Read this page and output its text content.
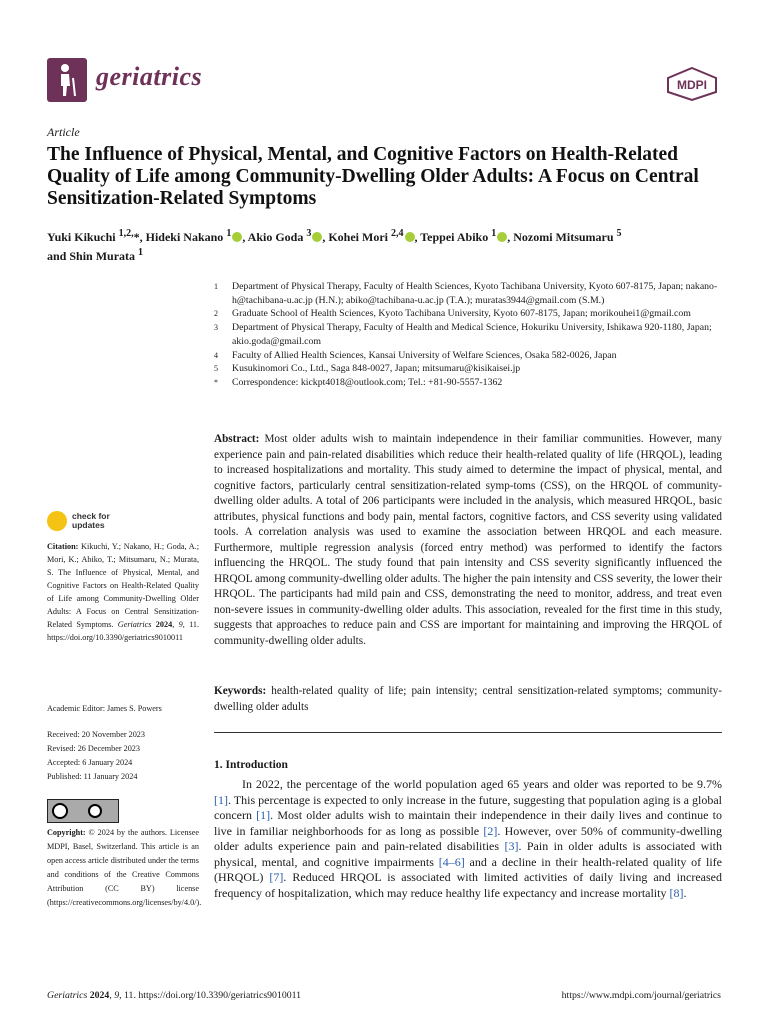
geriatrics	MDPI
Article
The Influence of Physical, Mental, and Cognitive Factors on Health-Related Quality of Life among Community-Dwelling Older Adults: A Focus on Central Sensitization-Related Symptoms
Yuki Kikuchi $^{1,2,}$*, Hideki Nakano $^1$ , Akio Goda $^3$ , Kohei Mori $^{2,4}$ , Teppei Abiko $^1$ , Nozomi Mitsumaru $^5$
and Shin Murata $^1$
1	Department of Physical Therapy, Faculty of Health Sciences, Kyoto Tachibana University, Kyoto 607-8175, Japan; nakano-h@tachibana-u.ac.jp (H.N.); abiko@tachibana-u.ac.jp (T.A.); muratas3944@gmail.com (S.M.)
2	Graduate School of Health Sciences, Kyoto Tachibana University, Kyoto 607-8175, Japan; morikouhei1@gmail.com
3	Department of Physical Therapy, Faculty of Health and Medical Science, Hokuriku University, Ishikawa 920-1180, Japan; akio.goda@gmail.com
4	Faculty of Allied Health Sciences, Kansai University of Welfare Sciences, Osaka 582-0026, Japan
5	Kusukinomori Co., Ltd., Saga 848-0027, Japan; mitsumaru@kisikaisei.jp
*	Correspondence: kickpt4018@outlook.com; Tel.: +81-90-5557-1362
Abstract: Most older adults wish to maintain independence in their familiar communities. However, many experience pain and pain-related disabilities which reduce their health-related quality of life (HRQOL), leading to increased hospitalizations and mortality. This study aimed to determine the impact of physical, mental, and cognitive factors, particularly central sensitization-related symp-toms (CSS), on the HRQOL of community-dwelling older adults. A total of 206 participants were included in the analysis, which measured HRQOL, basic attributes, physical functions and body pain, mental factors, cognitive factors, and CSS severity using validated tools. A correlation analysis was used to examine the association between HRQOL and each measure. Furthermore, multiple regression analysis (forced entry method) was performed to identify the factors influencing the HRQOL. The study found that pain intensity and CSS severity significantly influenced the HRQOL among community-dwelling older adults. The higher the pain intensity and CSS severity, the lower their HRQOL. The participants had mild pain and CSS, demonstrating the need to monitor, address, and treat even non-severe issues in community-dwelling older adults. This association, revealed for the first time in this study, suggests that approaches to reduce pain and CSS are important for maintaining and improving the HRQOL of community-dwelling older adults.
Keywords: health-related quality of life; pain intensity; central sensitization-related symptoms; community-dwelling older adults
1. Introduction
In 2022, the percentage of the world population aged 65 years and older was reported to be 9.7% [1]. This percentage is expected to only increase in the future, suggesting that population aging is a global concern [1]. Most older adults wish to maintain their independence in their daily lives and continue to live in familiar neighborhoods for as long as possible [2]. However, over 50% of community-dwelling older adults experience pain and pain-related disabilities [3]. Pain in older adults is associated with physical, mental, and cognitive impairments [4–6] and a decline in their health-related quality of life (HRQOL) [7]. Reduced HRQOL is associated with limited activities of daily living and increased frequency of hospitalization, which may reduce healthy life expectancy and increase mortality [8].
check for
updates
Citation: Kikuchi, Y.; Nakano, H.; Goda, A.; Mori, K.; Abiko, T.; Mitsumaru, N.; Murata, S. The Influence of Physical, Mental, and Cognitive Factors on Health-Related Quality of Life among Community-Dwelling Older Adults: A Focus on Central Sensitization-Related Symptoms. Geriatrics 2024, 9, 11. https://doi.org/10.3390/geriatrics9010011
Academic Editor: James S. Powers
Received: 20 November 2023
Revised: 26 December 2023
Accepted: 6 January 2024
Published: 11 January 2024
Copyright: © 2024 by the authors. Licensee MDPI, Basel, Switzerland. This article is an open access article distributed under the terms and conditions of the Creative Commons Attribution (CC BY) license (https://creativecommons.org/licenses/by/4.0/).
Geriatrics 2024, 9, 11. https://doi.org/10.3390/geriatrics9010011	https://www.mdpi.com/journal/geriatrics
